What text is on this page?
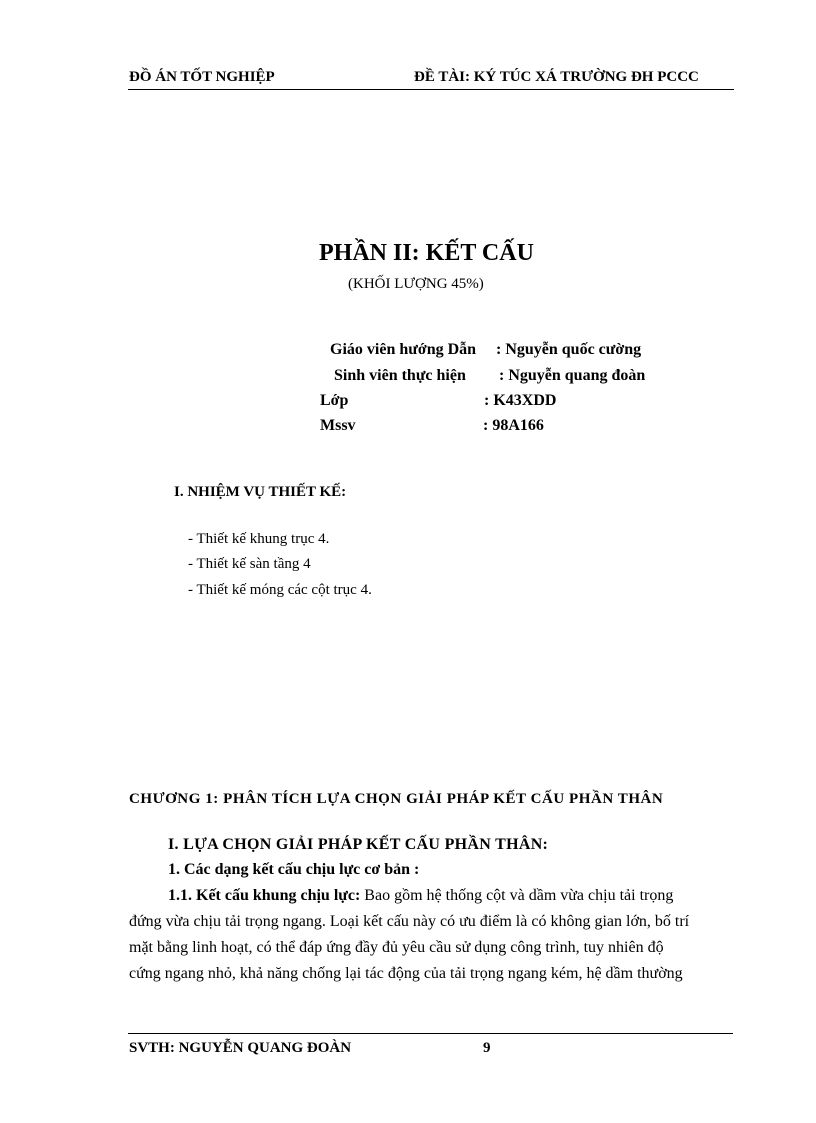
ĐỒ ÁN TỐT NGHIỆP	ĐỀ TÀI: KÝ TÚC XÁ TRƯỜNG ĐH PCCC
PHẦN II: KẾT CẤU
(KHỐI LƯỢNG 45%)
Giáo viên hướng Dẫn : Nguyễn quốc cường
Sinh viên thực hiện : Nguyễn quang đoàn
Lớp	: K43XDD
Mssv	: 98A166
I. NHIỆM VỤ THIẾT KẾ:
- Thiết kế khung trục 4.
- Thiết kế sàn tầng 4
- Thiết kế móng các cột trục 4.
CHƯƠNG 1: PHÂN TÍCH LỰA CHỌN GIẢI PHÁP KẾT CẤU PHẦN THÂN
I. LỰA CHỌN GIẢI PHÁP KẾT CẤU PHẦN THÂN:
1. Các dạng kết cấu chịu lực cơ bản :
1.1. Kết cấu khung chịu lực: Bao gồm hệ thống cột và dầm vừa chịu tải trọng
đứng vừa chịu tải trọng ngang. Loại kết cấu này có ưu điểm là có không gian lớn, bố trí
mặt bằng linh hoạt, có thể đáp ứng đầy đủ yêu cầu sử dụng công trình, tuy nhiên độ
cứng ngang nhỏ, khả năng chống lại tác động của tải trọng ngang kém, hệ dầm thường
SVTH: NGUYỄN QUANG ĐOÀN	9
